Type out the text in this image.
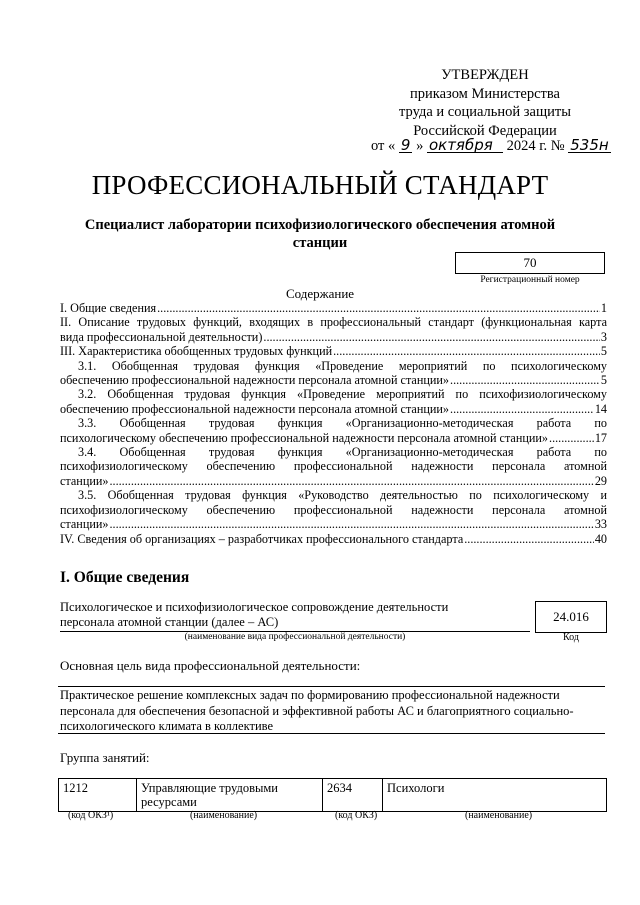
УТВЕРЖДЕН
приказом Министерства
труда и социальной защиты
Российской Федерации
от « 9 » октября 2024 г. № 535н
ПРОФЕССИОНАЛЬНЫЙ СТАНДАРТ
Специалист лаборатории психофизиологического обеспечения атомной станции
70
Регистрационный номер
Содержание
I. Общие сведения .....	1
II. Описание трудовых функций, входящих в профессиональный стандарт (функциональная карта
вида профессиональной деятельности) .....	3
III. Характеристика обобщенных трудовых функций .....	5
3.1. Обобщенная трудовая функция «Проведение мероприятий по психологическому
обеспечению профессиональной надежности персонала атомной станции» .....	5
3.2. Обобщенная трудовая функция «Проведение мероприятий по психофизиологическому
обеспечению профессиональной надежности персонала атомной станции» .....	14
3.3. Обобщенная трудовая функция «Организационно-методическая работа по
психологическому обеспечению профессиональной надежности персонала атомной станции» .....	17
3.4. Обобщенная трудовая функция «Организационно-методическая работа по
психофизиологическому обеспечению профессиональной надежности персонала атомной
станции» .....	29
3.5. Обобщенная трудовая функция «Руководство деятельностью по психологическому и
психофизиологическому обеспечению профессиональной надежности персонала атомной
станции» .....	33
IV. Сведения об организациях – разработчиках профессионального стандарта .....	40
I. Общие сведения
Психологическое и психофизиологическое сопровождение деятельности персонала атомной станции (далее – АС)
(наименование вида профессиональной деятельности)
24.016
Код
Основная цель вида профессиональной деятельности:
Практическое решение комплексных задач по формированию профессиональной надежности персонала для обеспечения безопасной и эффективной работы АС и благоприятного социально-психологического климата в коллективе
Группа занятий:
1212	Управляющие трудовыми ресурсами	2634	Психологи
(код ОКЗ¹)	(наименование)	(код ОКЗ)	(наименование)
